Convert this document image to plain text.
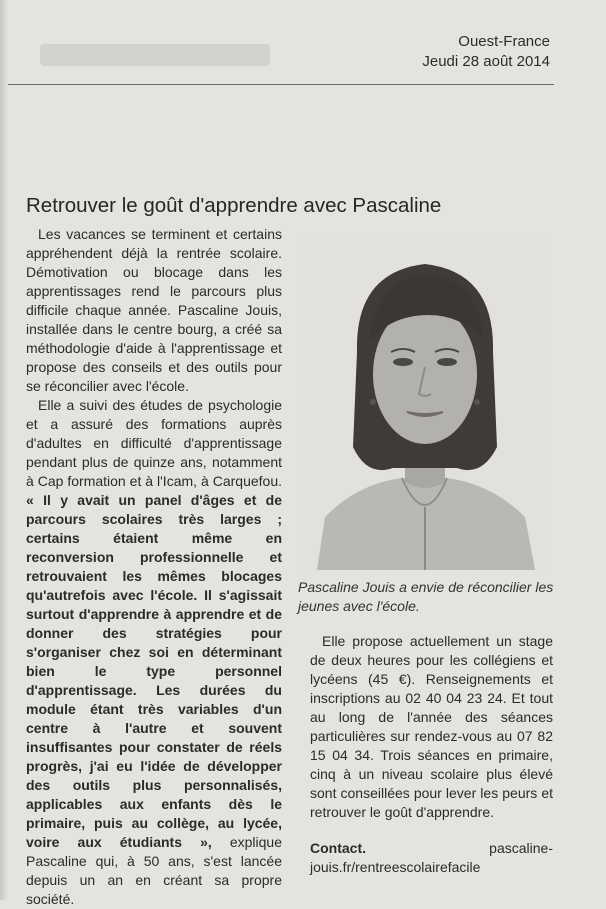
Ouest-France
Jeudi 28 août 2014
Retrouver le goût d'apprendre avec Pascaline

Les vacances se terminent et certains appréhendent déjà la rentrée scolaire. Démotivation ou blocage dans les apprentissages rend le parcours plus difficile chaque année. Pascaline Jouis, installée dans le centre bourg, a créé sa méthodologie d'aide à l'apprentissage et propose des conseils et des outils pour se réconcilier avec l'école.

Elle a suivi des études de psychologie et a assuré des formations auprès d'adultes en difficulté d'apprentissage pendant plus de quinze ans, notamment à Cap formation et à l'Icam, à Carquefou. « Il y avait un panel d'âges et de parcours scolaires très larges ; certains étaient même en reconversion professionnelle et retrouvaient les mêmes blocages qu'autrefois avec l'école. Il s'agissait surtout d'apprendre à apprendre et de donner des stratégies pour s'organiser chez soi en déterminant bien le type personnel d'apprentissage. Les durées du module étant très variables d'un centre à l'autre et souvent insuffisantes pour constater de réels progrès, j'ai eu l'idée de développer des outils plus personnalisés, applicables aux enfants dès le primaire, puis au collège, au lycée, voire aux étudiants », explique Pascaline qui, à 50 ans, s'est lancée depuis un an en créant sa propre société.

Pascaline Jouis a envie de réconcilier les jeunes avec l'école.

Elle propose actuellement un stage de deux heures pour les collégiens et lycéens (45 €). Renseignements et inscriptions au 02 40 04 23 24. Et tout au long de l'année des séances particulières sur rendez-vous au 07 82 15 04 34. Trois séances en primaire, cinq à un niveau scolaire plus élevé sont conseillées pour lever les peurs et retrouver le goût d'apprendre.

Contact.	pascaline-jouis.fr/rentreescolairefacile
